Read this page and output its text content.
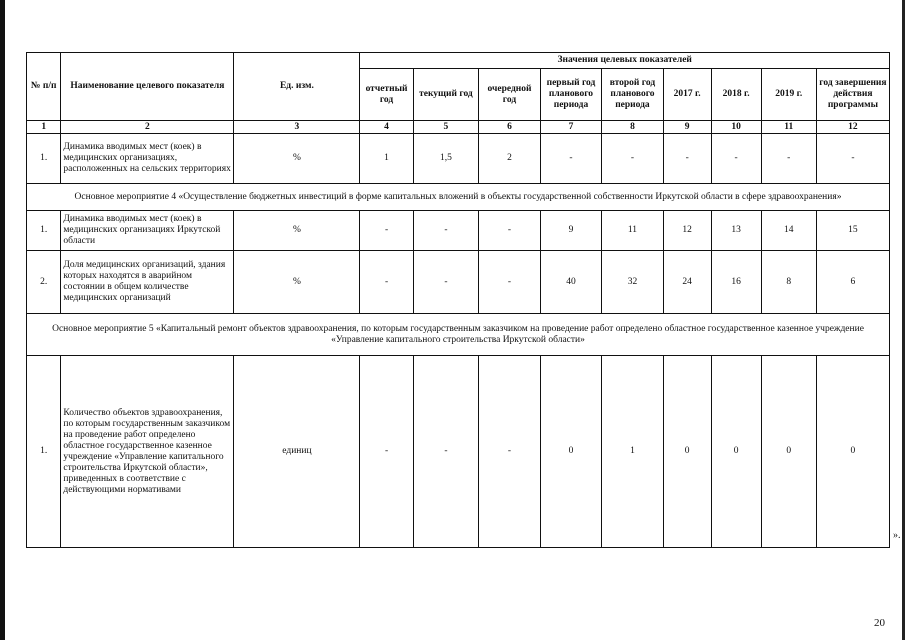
№ п/п	Наименование целевого показателя	Ед. изм.	Значения целевых показателей								
			отчетный год	текущий год	очередной год	первый год планового периода	второй год планового периода	2017 г.	2018 г.	2019 г.	год завершения действия программы
1	2	3	4	5	6	7	8	9	10	11	12
1.	Динамика вводимых мест (коек) в медицинских организациях, расположенных на сельских территориях	%	1	1,5	2	-	-	-	-	-	-
Основное мероприятие 4 «Осуществление бюджетных инвестиций в форме капитальных вложений в объекты государственной собственности Иркутской области в сфере здравоохранения»											
1.	Динамика вводимых мест (коек) в медицинских организациях Иркутской области	%	-	-	-	9	11	12	13	14	15
2.	Доля медицинских организаций, здания которых находятся в аварийном состоянии в общем количестве медицинских организаций	%	-	-	-	40	32	24	16	8	6
Основное мероприятие 5 «Капитальный ремонт объектов здравоохранения, по которым государственным заказчиком на проведение работ определено областное государственное казенное учреждение «Управление капитального строительства Иркутской области»											
1.	Количество объектов здравоохранения, по которым государственным заказчиком на проведение работ определено областное государственное казенное учреждение «Управление капитального строительства Иркутской области», приведенных в соответствие с действующими нормативами	единиц	-	-	-	0	1	0	0	0	0
».
20
